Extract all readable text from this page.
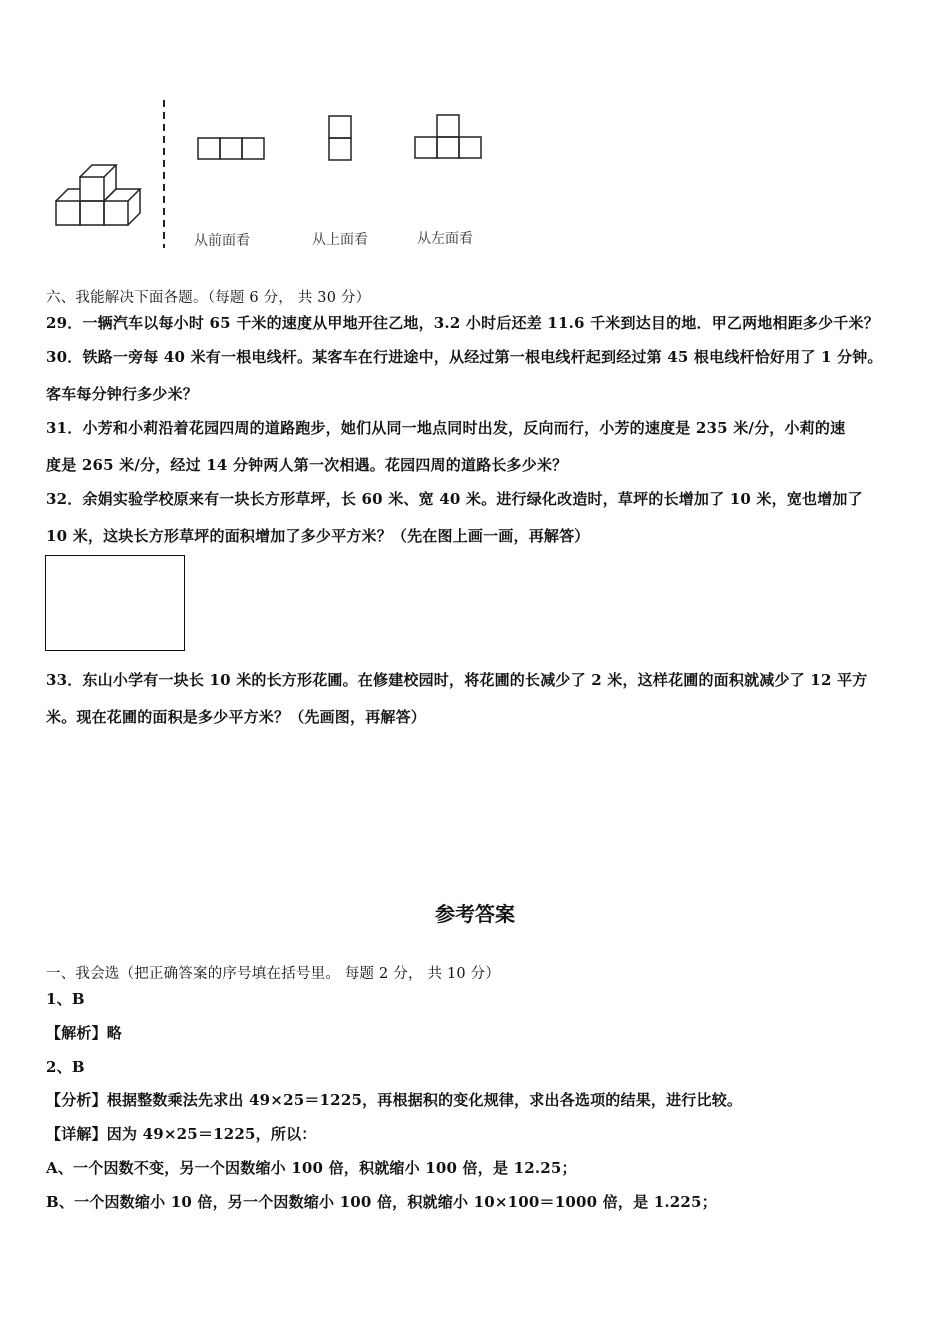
从前面看	从上面看	从左面看
六、我能解决下面各题。（每题 6 分， 共 30 分）
29．一辆汽车以每小时 65 千米的速度从甲地开往乙地，3.2 小时后还差 11.6 千米到达目的地．甲乙两地相距多少千米？
30．铁路一旁每 40 米有一根电线杆。某客车在行进途中，从经过第一根电线杆起到经过第 45 根电线杆恰好用了 1 分钟。
客车每分钟行多少米？
31．小芳和小莉沿着花园四周的道路跑步，她们从同一地点同时出发，反向而行，小芳的速度是 235 米/分，小莉的速
度是 265 米/分，经过 14 分钟两人第一次相遇。花园四周的道路长多少米？
32．余娟实验学校原来有一块长方形草坪，长 60 米、宽 40 米。进行绿化改造时，草坪的长增加了 10 米，宽也增加了
10 米，这块长方形草坪的面积增加了多少平方米？（先在图上画一画，再解答）
33．东山小学有一块长 10 米的长方形花圃。在修建校园时，将花圃的长减少了 2 米，这样花圃的面积就减少了 12 平方
米。现在花圃的面积是多少平方米？（先画图，再解答）
参考答案
一、我会选（把正确答案的序号填在括号里。 每题 2 分， 共 10 分）
1、B
【解析】略
2、B
【分析】根据整数乘法先求出 49×25＝1225，再根据积的变化规律，求出各选项的结果，进行比较。
【详解】因为 49×25＝1225，所以：
A、一个因数不变，另一个因数缩小 100 倍，积就缩小 100 倍，是 12.25；
B、一个因数缩小 10 倍，另一个因数缩小 100 倍，积就缩小 10×100＝1000 倍，是 1.225；
